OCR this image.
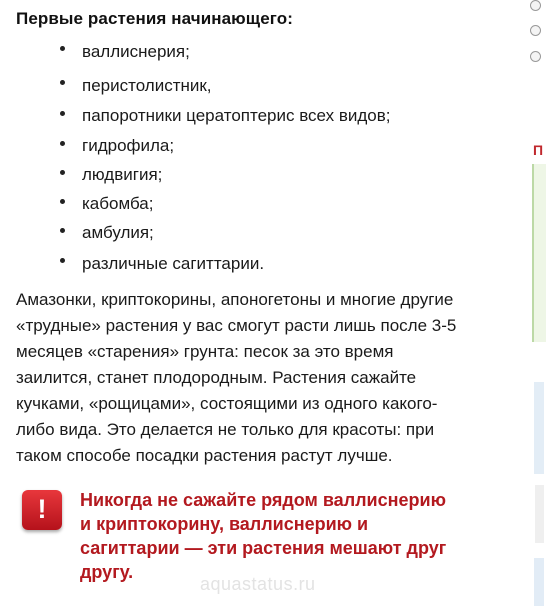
Первые растения начинающего:
валлиснерия;
перистолистник,
папоротники цератоптерис всех видов;
гидрофила;
людвигия;
кабомба;
амбулия;
различные сагиттарии.
Амазонки, криптокорины, апоногетоны и многие другие
«трудные» растения у вас смогут расти лишь после 3-5
месяцев «старения» грунта: песок за это время
заилится, станет плодородным. Растения сажайте
кучками, «рощицами», состоящими из одного какого-
либо вида. Это делается не только для красоты: при
таком способе посадки растения растут лучше.
!	Никогда не сажайте рядом валлиснерию
и криптокорину, валлиснерию и
сагиттарии — эти растения мешают друг
другу.
aquastatus.ru
П
